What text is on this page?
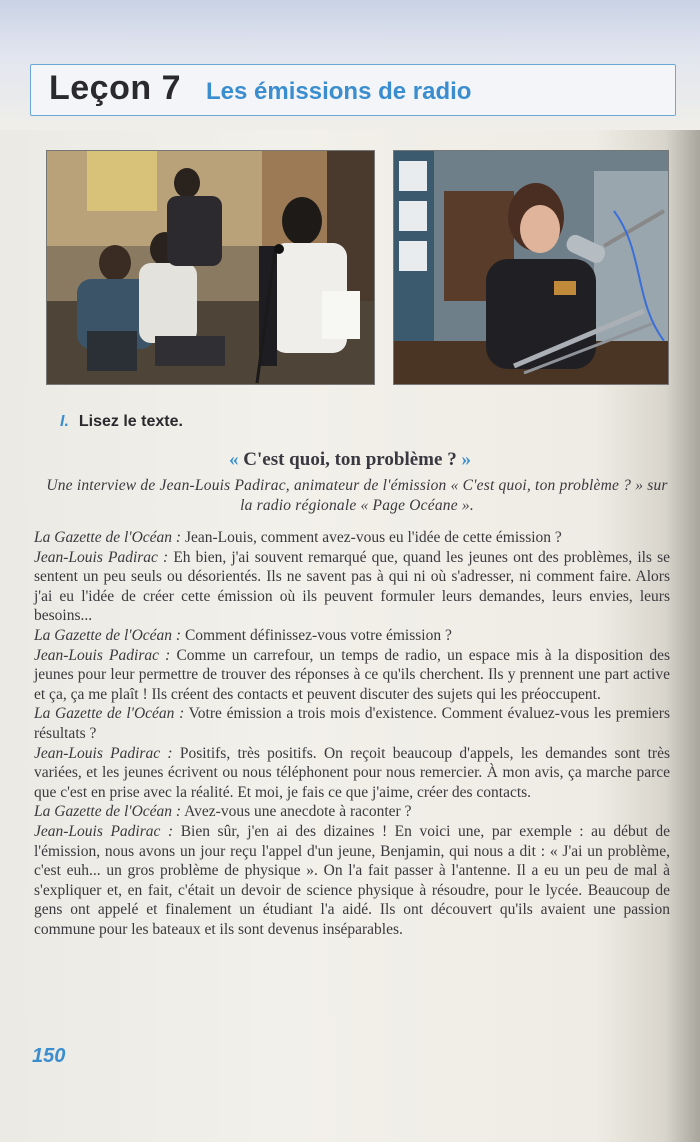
Leçon 7 Les émissions de radio
I. Lisez le texte.
« C'est quoi, ton problème ? »
Une interview de Jean-Louis Padirac, animateur de l'émission « C'est quoi, ton problème ? » sur la radio régionale « Page Océane ».

La Gazette de l'Océan : Jean-Louis, comment avez-vous eu l'idée de cette émission ?

Jean-Louis Padirac : Eh bien, j'ai souvent remarqué que, quand les jeunes ont des problèmes, ils se sentent un peu seuls ou désorientés. Ils ne savent pas à qui ni où s'adresser, ni comment faire. Alors j'ai eu l'idée de créer cette émission où ils peuvent formuler leurs demandes, leurs envies, leurs besoins...

La Gazette de l'Océan : Comment définissez-vous votre émission ?

Jean-Louis Padirac : Comme un carrefour, un temps de radio, un espace mis à la disposition des jeunes pour leur permettre de trouver des réponses à ce qu'ils cherchent. Ils y prennent une part active et ça, ça me plaît ! Ils créent des contacts et peuvent discuter des sujets qui les préoccupent.

La Gazette de l'Océan : Votre émission a trois mois d'existence. Comment évaluez-vous les premiers résultats ?

Jean-Louis Padirac : Positifs, très positifs. On reçoit beaucoup d'appels, les demandes sont très variées, et les jeunes écrivent ou nous téléphonent pour nous remercier. À mon avis, ça marche parce que c'est en prise avec la réalité. Et moi, je fais ce que j'aime, créer des contacts.

La Gazette de l'Océan : Avez-vous une anecdote à raconter ?

Jean-Louis Padirac : Bien sûr, j'en ai des dizaines ! En voici une, par exemple : au début de l'émission, nous avons un jour reçu l'appel d'un jeune, Benjamin, qui nous a dit : « J'ai un problème, c'est euh... un gros problème de physique ». On l'a fait passer à l'antenne. Il a eu un peu de mal à s'expliquer et, en fait, c'était un devoir de science physique à résoudre, pour le lycée. Beaucoup de gens ont appelé et finalement un étudiant l'a aidé. Ils ont découvert qu'ils avaient une passion commune pour les bateaux et ils sont devenus inséparables.

150
